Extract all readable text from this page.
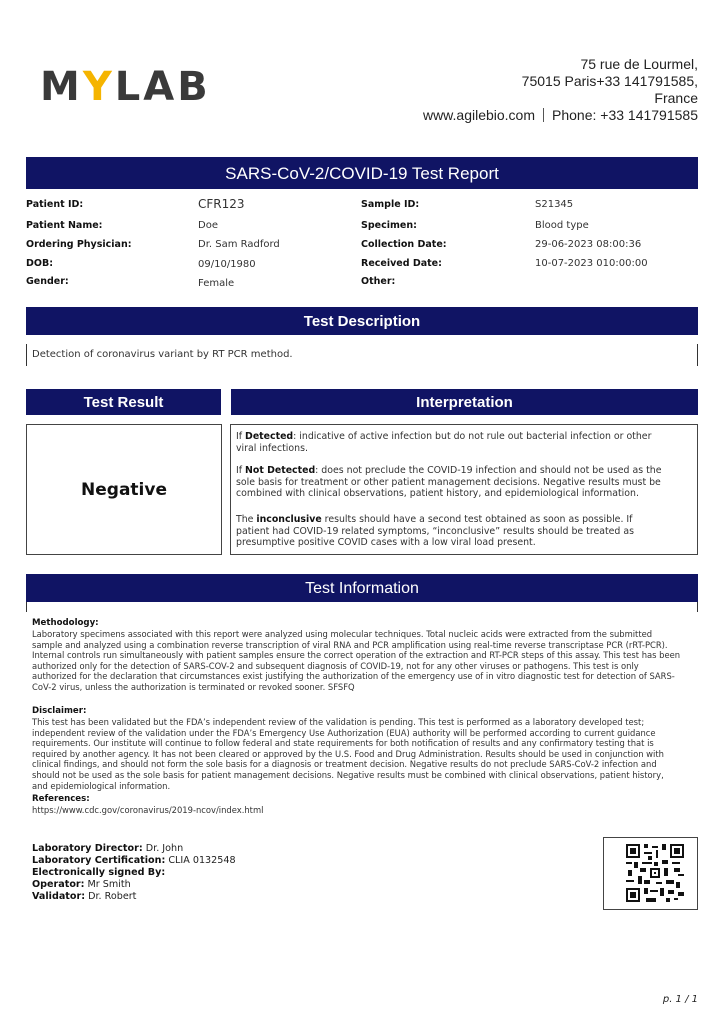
MYLAB	75 rue de Lourmel,
75015 Paris+33 141791585,
France
www.agilebio.com Phone: +33 141791585
SARS-CoV-2/COVID-19 Test Report
Patient ID:	CFR123
Patient Name:	Doe
Ordering Physician:	Dr. Sam Radford
DOB:	09/10/1980
Gender:	Female
Sample ID:	S21345
Specimen:	Blood type
Collection Date:	29-06-2023 08:00:36
Received Date:	10-07-2023 010:00:00
Other:
Test Description
Detection of coronavirus variant by RT PCR method.
Test Result	Interpretation
Negative
If Detected: indicative of active infection but do not rule out bacterial infection or other viral infections.
If Not Detected: does not preclude the COVID-19 infection and should not be used as the sole basis for treatment or other patient management decisions. Negative results must be combined with clinical observations, patient history, and epidemiological information.
The inconclusive results should have a second test obtained as soon as possible. If patient had COVID-19 related symptoms, “inconclusive” results should be treated as presumptive positive COVID cases with a low viral load present.
Test Information
Methodology:
Laboratory specimens associated with this report were analyzed using molecular techniques. Total nucleic acids were extracted from the submitted sample and analyzed using a combination reverse transcription of viral RNA and PCR amplification using real-time reverse transcriptase PCR (rRT-PCR). Internal controls run simultaneously with patient samples ensure the correct operation of the extraction and RT-PCR steps of this assay. This test has been authorized only for the detection of SARS-COV-2 and subsequent diagnosis of COVID-19, not for any other viruses or pathogens. This test is only authorized for the declaration that circumstances exist justifying the authorization of the emergency use of in vitro diagnostic test for detection of SARS-CoV-2 virus, unless the authorization is terminated or revoked sooner. SFSFQ
Disclaimer:
This test has been validated but the FDA’s independent review of the validation is pending. This test is performed as a laboratory developed test; independent review of the validation under the FDA’s Emergency Use Authorization (EUA) authority will be performed according to current guidance requirements. Our institute will continue to follow federal and state requirements for both notification of results and any confirmatory testing that is required by another agency. It has not been cleared or approved by the U.S. Food and Drug Administration. Results should be used in conjunction with clinical findings, and should not form the sole basis for a diagnosis or treatment decision. Negative results do not preclude SARS-CoV-2 infection and should not be used as the sole basis for patient management decisions. Negative results must be combined with clinical observations, patient history, and epidemiological information.
References:
https://www.cdc.gov/coronavirus/2019-ncov/index.html
Laboratory Director: Dr. John
Laboratory Certification: CLIA 0132548
Electronically signed By:
Operator: Mr Smith
Validator: Dr. Robert
p. 1 / 1
